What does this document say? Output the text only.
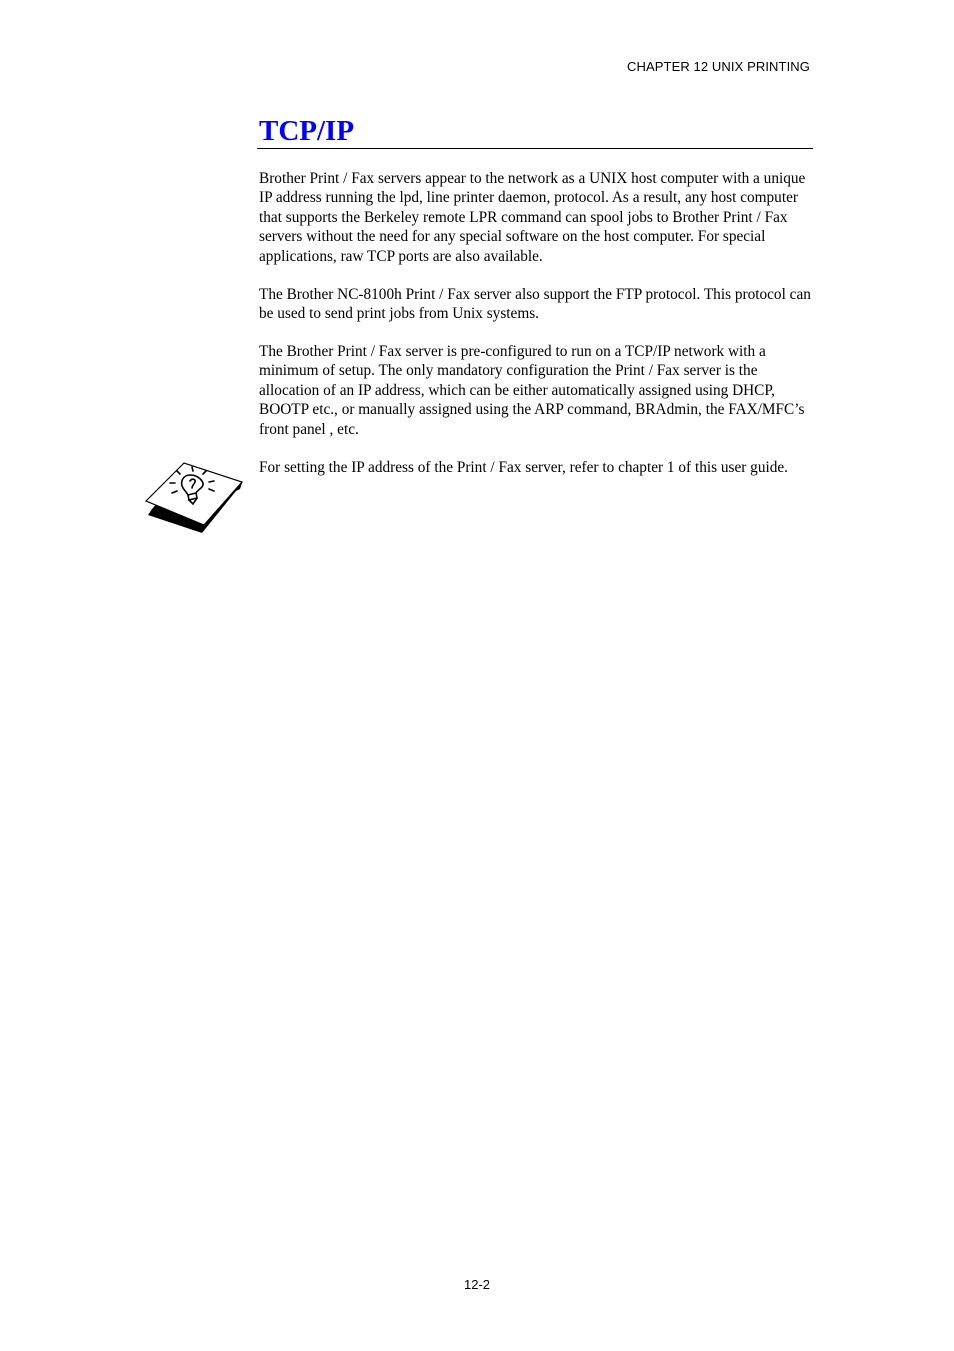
CHAPTER 12 UNIX PRINTING
TCP/IP

Brother Print / Fax servers appear to the network as a UNIX host computer with a unique IP address running the lpd, line printer daemon, protocol. As a result, any host computer that supports the Berkeley remote LPR command can spool jobs to Brother Print / Fax servers without the need for any special software on the host computer. For special applications, raw TCP ports are also available.

The Brother NC-8100h Print / Fax server also support the FTP protocol. This protocol can be used to send print jobs from Unix systems.

The Brother Print / Fax server is pre-configured to run on a TCP/IP network with a minimum of setup. The only mandatory configuration the Print / Fax server is the allocation of an IP address, which can be either automatically assigned using DHCP, BOOTP etc., or manually assigned using the ARP command, BRAdmin, the FAX/MFC’s front panel , etc.

For setting the IP address of the Print / Fax server, refer to chapter 1 of this user guide.

12-2
